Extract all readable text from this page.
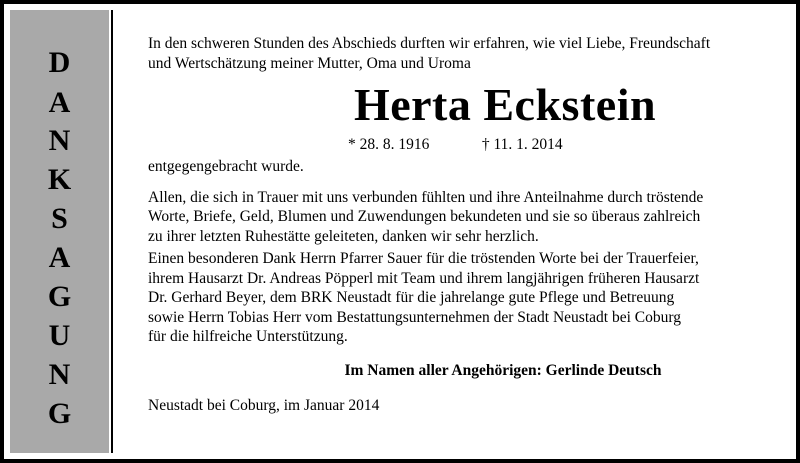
D
A
N
K
S
A
G
U
N
G

In den schweren Stunden des Abschieds durften wir erfahren, wie viel Liebe, Freundschaft

und Wertschätzung meiner Mutter, Oma und Uroma

Herta Eckstein
* 28. 8. 1916	† 11. 1. 2014

entgegengebracht wurde.

Allen, die sich in Trauer mit uns verbunden fühlten und ihre Anteilnahme durch tröstende

Worte, Briefe, Geld, Blumen und Zuwendungen bekundeten und sie so überaus zahlreich

zu ihrer letzten Ruhestätte geleiteten, danken wir sehr herzlich.

Einen besonderen Dank Herrn Pfarrer Sauer für die tröstenden Worte bei der Trauerfeier,

ihrem Hausarzt Dr. Andreas Pöpperl mit Team und ihrem langjährigen früheren Hausarzt

Dr. Gerhard Beyer, dem BRK Neustadt für die jahrelange gute Pflege und Betreuung

sowie Herrn Tobias Herr vom Bestattungsunternehmen der Stadt Neustadt bei Coburg

für die hilfreiche Unterstützung.

Im Namen aller Angehörigen: Gerlinde Deutsch

Neustadt bei Coburg, im Januar 2014
